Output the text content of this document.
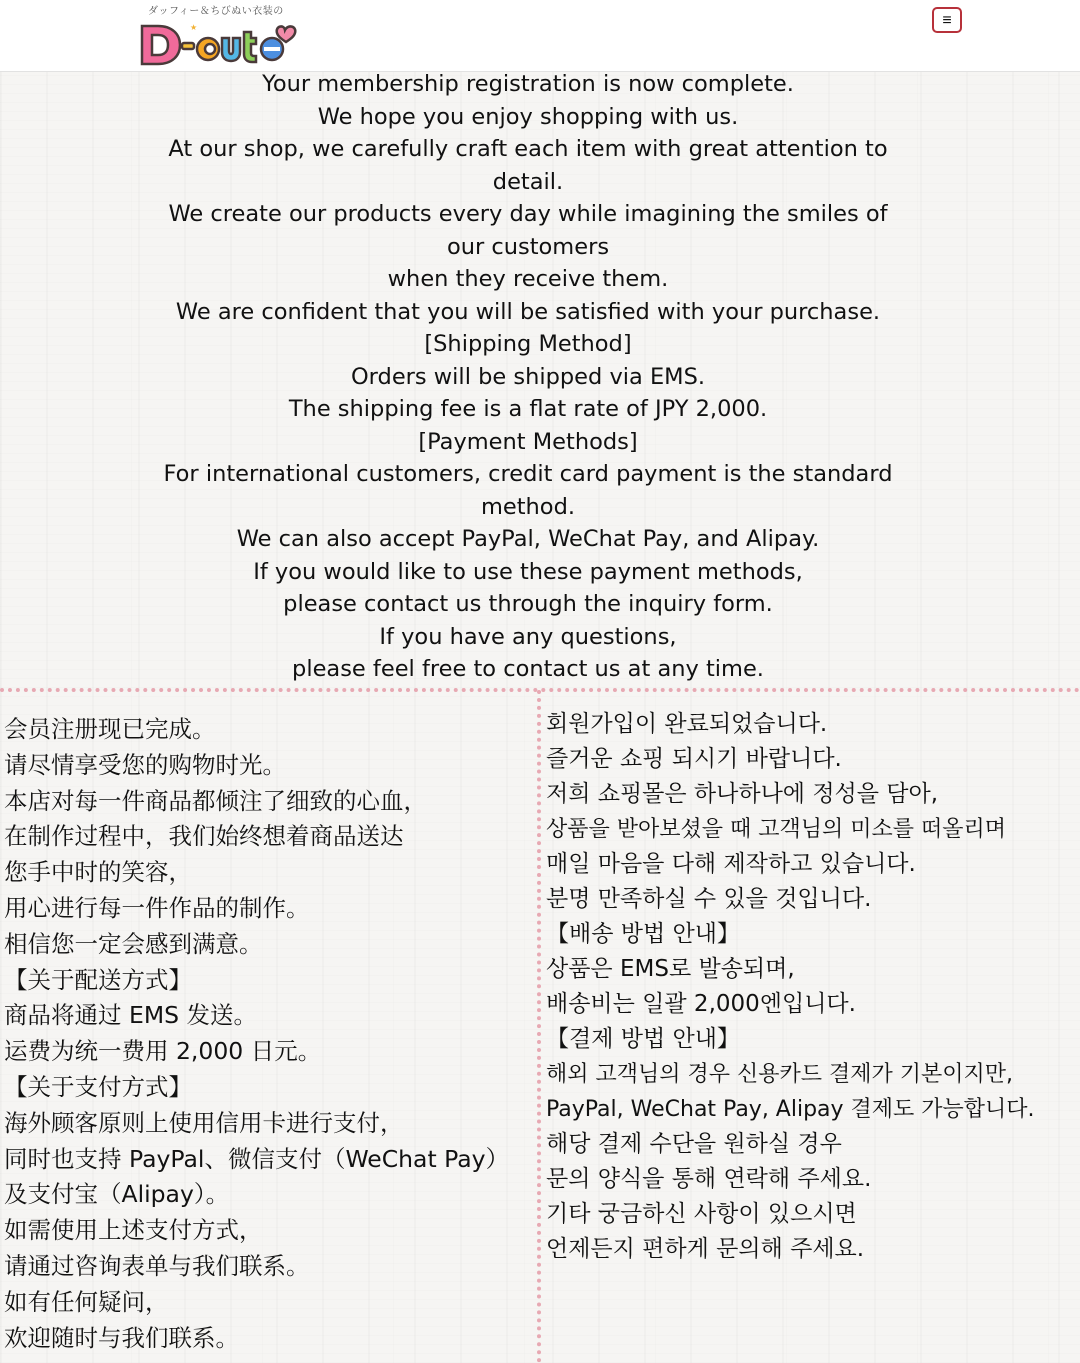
ダッフィー＆ちびぬい衣装の
★	≡

Your membership registration is now complete.

We hope you enjoy shopping with us.

At our shop, we carefully craft each item with great attention to

detail.

We create our products every day while imagining the smiles of

our customers

when they receive them.

We are confident that you will be satisfied with your purchase.

[Shipping Method]

Orders will be shipped via EMS.

The shipping fee is a flat rate of JPY 2,000.

[Payment Methods]

For international customers, credit card payment is the standard

method.

We can also accept PayPal, WeChat Pay, and Alipay.

If you would like to use these payment methods,

please contact us through the inquiry form.

If you have any questions,

please feel free to contact us at any time.

会员注册现已完成。

请尽情享受您的购物时光。

本店对每一件商品都倾注了细致的心血，

在制作过程中，我们始终想着商品送达

您手中时的笑容，

用心进行每一件作品的制作。

相信您一定会感到满意。

【关于配送方式】

商品将通过 EMS 发送。

运费为统一费用 2,000 日元。

【关于支付方式】

海外顾客原则上使用信用卡进行支付，

同时也支持 PayPal、微信支付（WeChat Pay）

及支付宝（Alipay）。

如需使用上述支付方式，

请通过咨询表单与我们联系。

如有任何疑问，

欢迎随时与我们联系。

회원가입이 완료되었습니다.

즐거운 쇼핑 되시기 바랍니다.

저희 쇼핑몰은 하나하나에 정성을 담아,

상품을 받아보셨을 때 고객님의 미소를 떠올리며

매일 마음을 다해 제작하고 있습니다.

분명 만족하실 수 있을 것입니다.

【배송 방법 안내】

상품은 EMS로 발송되며,

배송비는 일괄 2,000엔입니다.

【결제 방법 안내】

해외 고객님의 경우 신용카드 결제가 기본이지만,

PayPal, WeChat Pay, Alipay 결제도 가능합니다.

해당 결제 수단을 원하실 경우

문의 양식을 통해 연락해 주세요.

기타 궁금하신 사항이 있으시면

언제든지 편하게 문의해 주세요.
